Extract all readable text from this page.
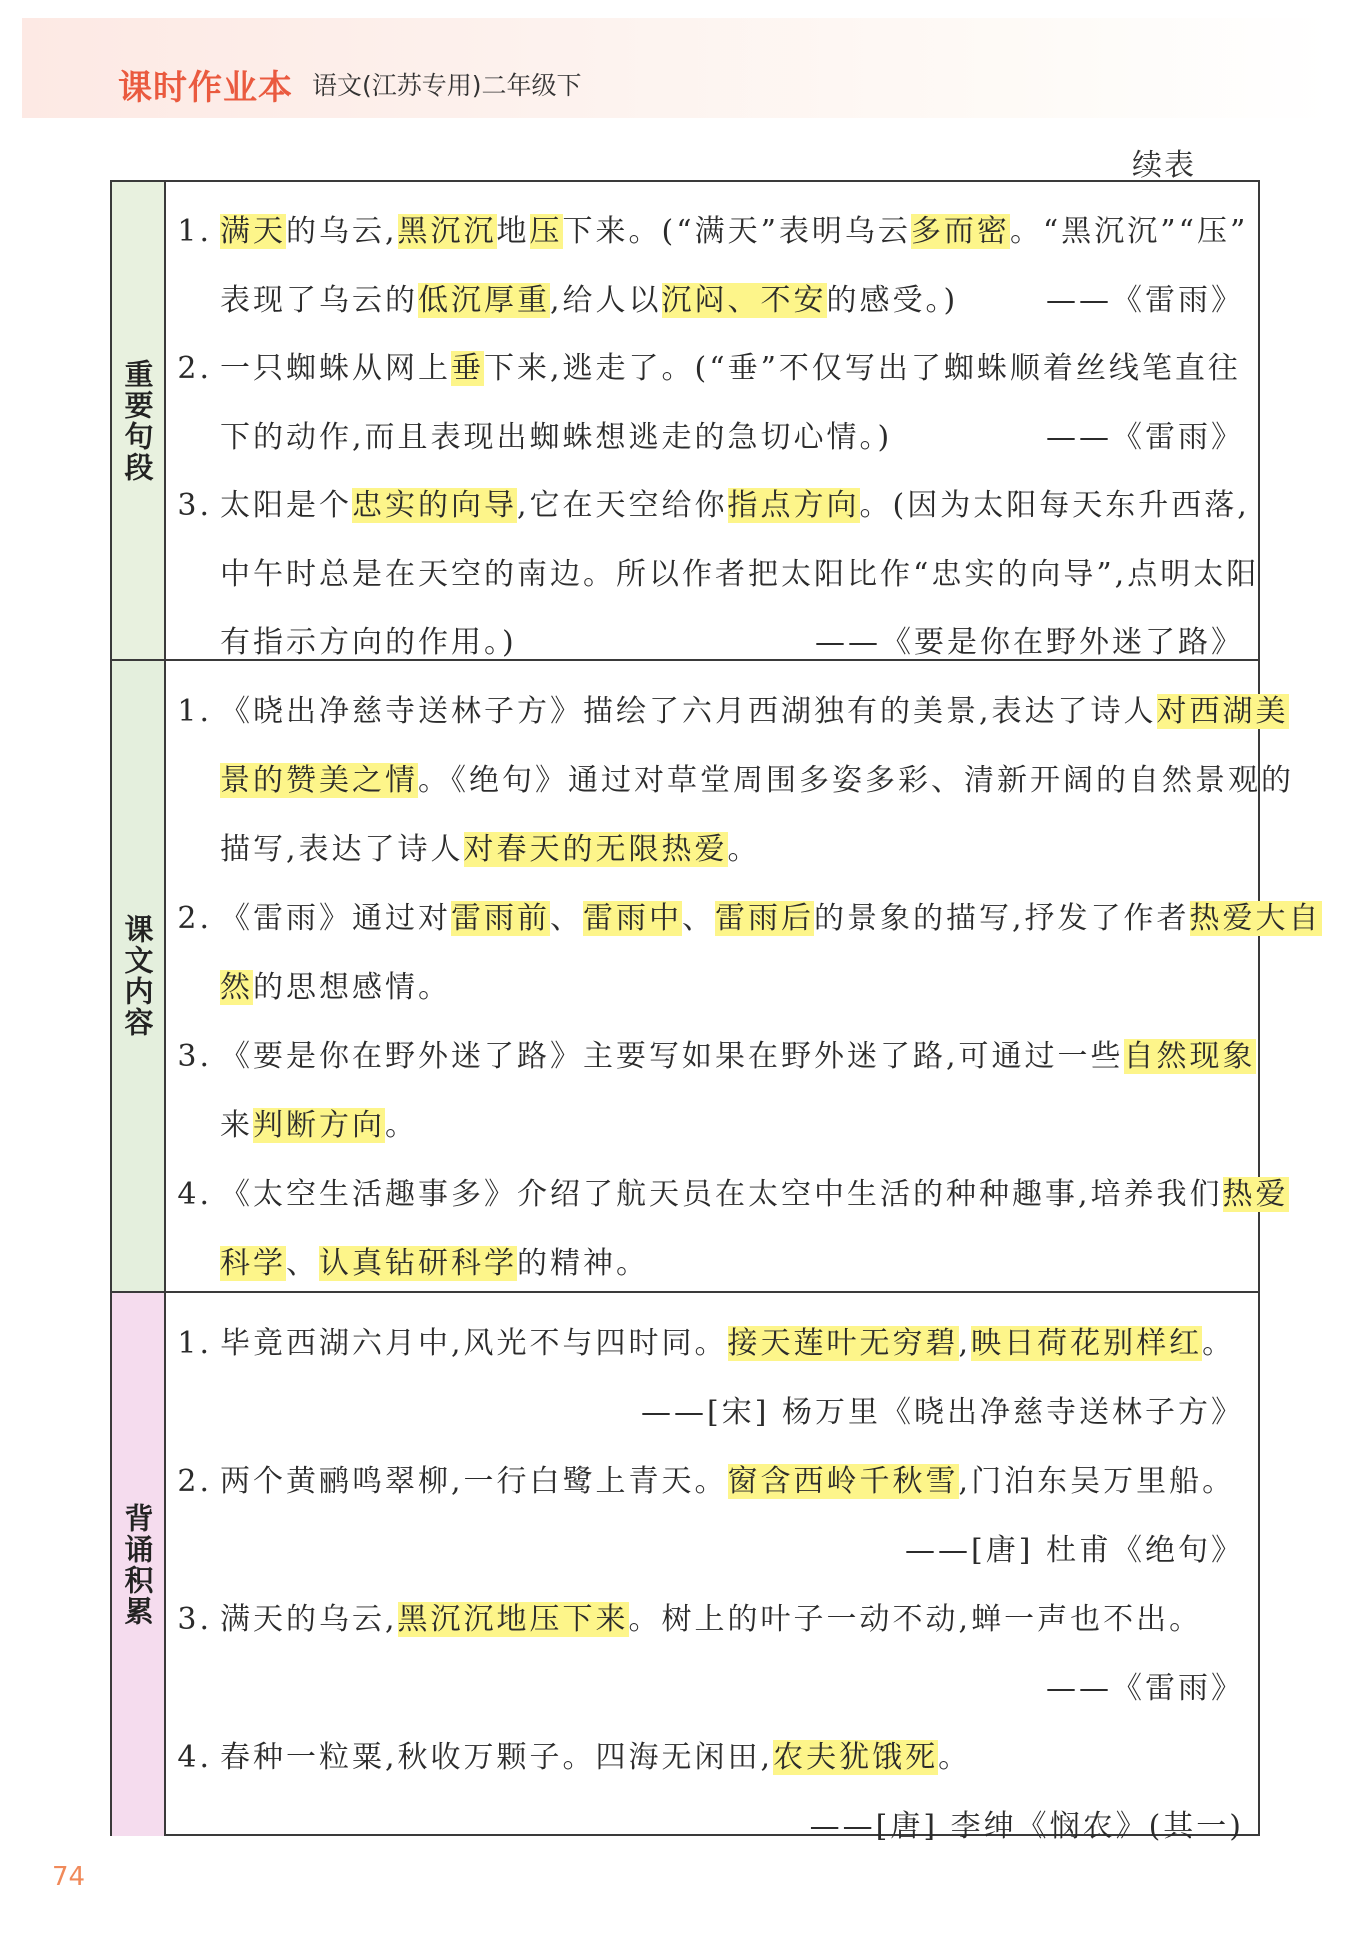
课时作业本 语文(江苏专用)二年级下
续表
重要句段
1. 满天的乌云,黑沉沉地压下来。(“满天”表明乌云多而密。“黑沉沉”“压”
表现了乌云的低沉厚重,给人以沉闷、不安的感受。)	——《雷雨》
2. 一只蜘蛛从网上垂下来,逃走了。(“垂”不仅写出了蜘蛛顺着丝线笔直往
下的动作,而且表现出蜘蛛想逃走的急切心情。)	——《雷雨》
3. 太阳是个忠实的向导,它在天空给你指点方向。(因为太阳每天东升西落,
中午时总是在天空的南边。所以作者把太阳比作“忠实的向导”,点明太阳
有指示方向的作用。)	——《要是你在野外迷了路》
课文内容
1. 《晓出净慈寺送林子方》描绘了六月西湖独有的美景,表达了诗人对西湖美
景的赞美之情。《绝句》通过对草堂周围多姿多彩、清新开阔的自然景观的
描写,表达了诗人对春天的无限热爱。
2. 《雷雨》通过对雷雨前、雷雨中、雷雨后的景象的描写,抒发了作者热爱大自
然的思想感情。
3. 《要是你在野外迷了路》主要写如果在野外迷了路,可通过一些自然现象
来判断方向。
4. 《太空生活趣事多》介绍了航天员在太空中生活的种种趣事,培养我们热爱
科学、认真钻研科学的精神。
背诵积累
1. 毕竟西湖六月中,风光不与四时同。接天莲叶无穷碧,映日荷花别样红。
——[宋] 杨万里《晓出净慈寺送林子方》
2. 两个黄鹂鸣翠柳,一行白鹭上青天。窗含西岭千秋雪,门泊东吴万里船。
——[唐] 杜甫《绝句》
3. 满天的乌云,黑沉沉地压下来。树上的叶子一动不动,蝉一声也不出。
——《雷雨》
4. 春种一粒粟,秋收万颗子。四海无闲田,农夫犹饿死。
——[唐] 李绅《悯农》(其一)
74
